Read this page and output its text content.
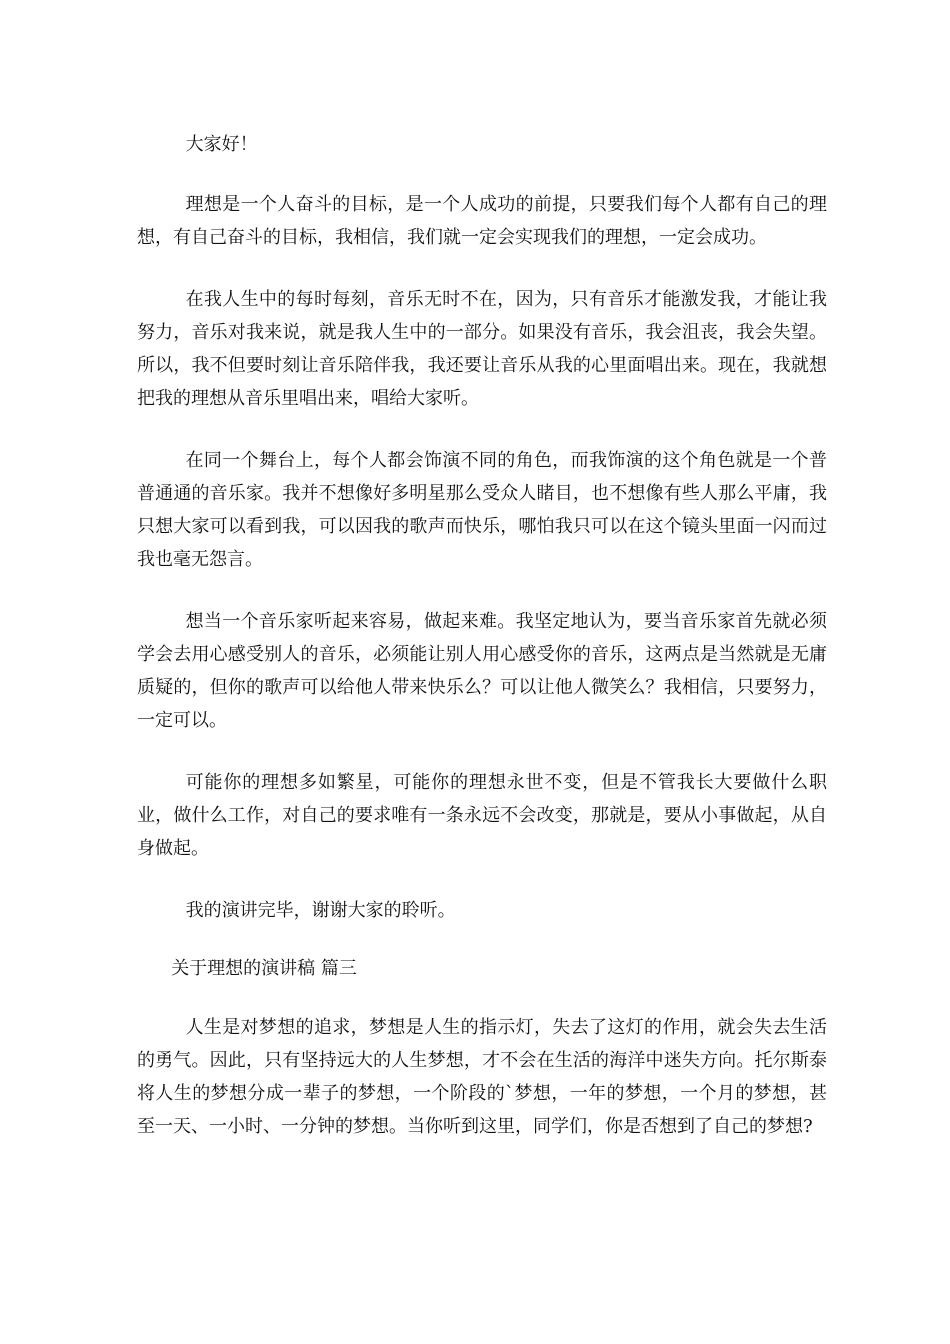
大家好！

理想是一个人奋斗的目标，是一个人成功的前提，只要我们每个人都有自己的理想，有自己奋斗的目标，我相信，我们就一定会实现我们的理想，一定会成功。

在我人生中的每时每刻，音乐无时不在，因为，只有音乐才能激发我，才能让我努力，音乐对我来说，就是我人生中的一部分。如果没有音乐，我会沮丧，我会失望。所以，我不但要时刻让音乐陪伴我，我还要让音乐从我的心里面唱出来。现在，我就想把我的理想从音乐里唱出来，唱给大家听。

在同一个舞台上，每个人都会饰演不同的角色，而我饰演的这个角色就是一个普普通通的音乐家。我并不想像好多明星那么受众人睹目，也不想像有些人那么平庸，我只想大家可以看到我，可以因我的歌声而快乐，哪怕我只可以在这个镜头里面一闪而过我也毫无怨言。

想当一个音乐家听起来容易，做起来难。我坚定地认为，要当音乐家首先就必须学会去用心感受别人的音乐，必须能让别人用心感受你的音乐，这两点是当然就是无庸质疑的，但你的歌声可以给他人带来快乐么？可以让他人微笑么？我相信，只要努力，一定可以。

可能你的理想多如繁星，可能你的理想永世不变，但是不管我长大要做什么职业，做什么工作，对自己的要求唯有一条永远不会改变，那就是，要从小事做起，从自身做起。

我的演讲完毕，谢谢大家的聆听。

关于理想的演讲稿 篇三

人生是对梦想的追求，梦想是人生的指示灯，失去了这灯的作用，就会失去生活的勇气。因此，只有坚持远大的人生梦想，才不会在生活的海洋中迷失方向。托尔斯泰将人生的梦想分成一辈子的梦想，一个阶段的`梦想，一年的梦想，一个月的梦想，甚至一天、一小时、一分钟的梦想。当你听到这里，同学们，你是否想到了自己的梦想?
